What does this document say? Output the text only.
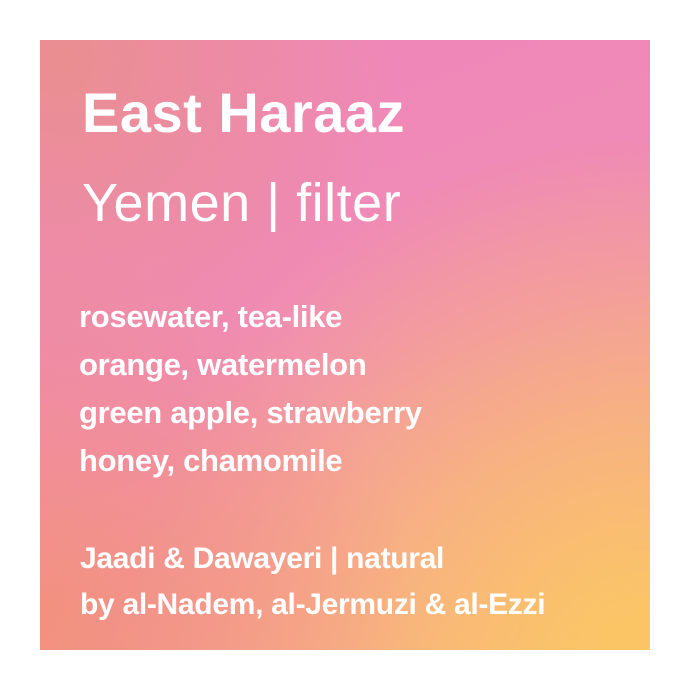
East Haraaz
Yemen | filter
rosewater, tea-like
orange, watermelon
green apple, strawberry
honey, chamomile
Jaadi & Dawayeri | natural
by al-Nadem, al-Jermuzi & al-Ezzi
